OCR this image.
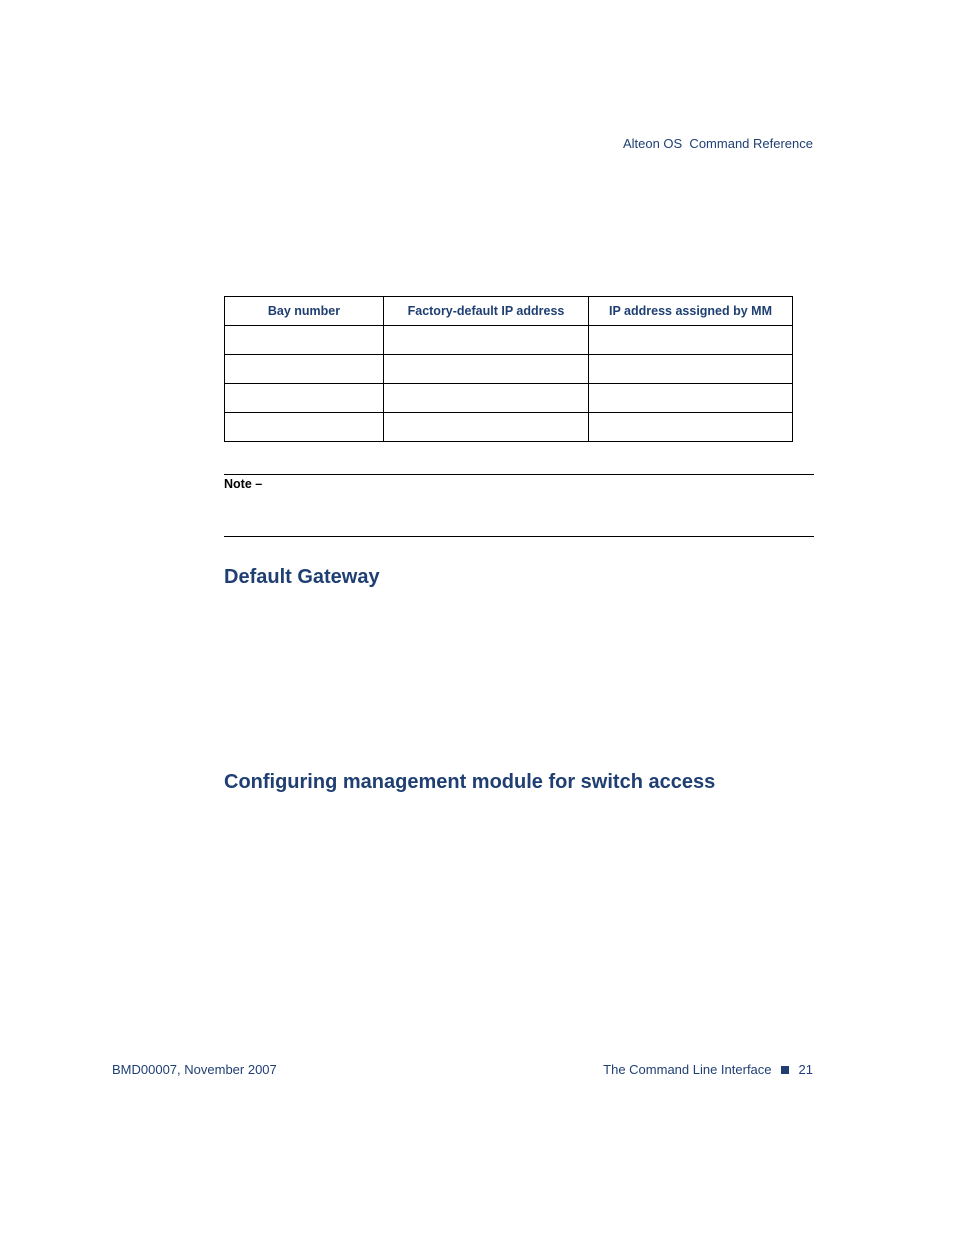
Alteon OS  Command Reference
Bay number	Factory-default IP address	IP address assigned by MM

Note –
Default Gateway
Configuring management module for switch access
BMD00007, November 2007	The Command Line Interface 21
